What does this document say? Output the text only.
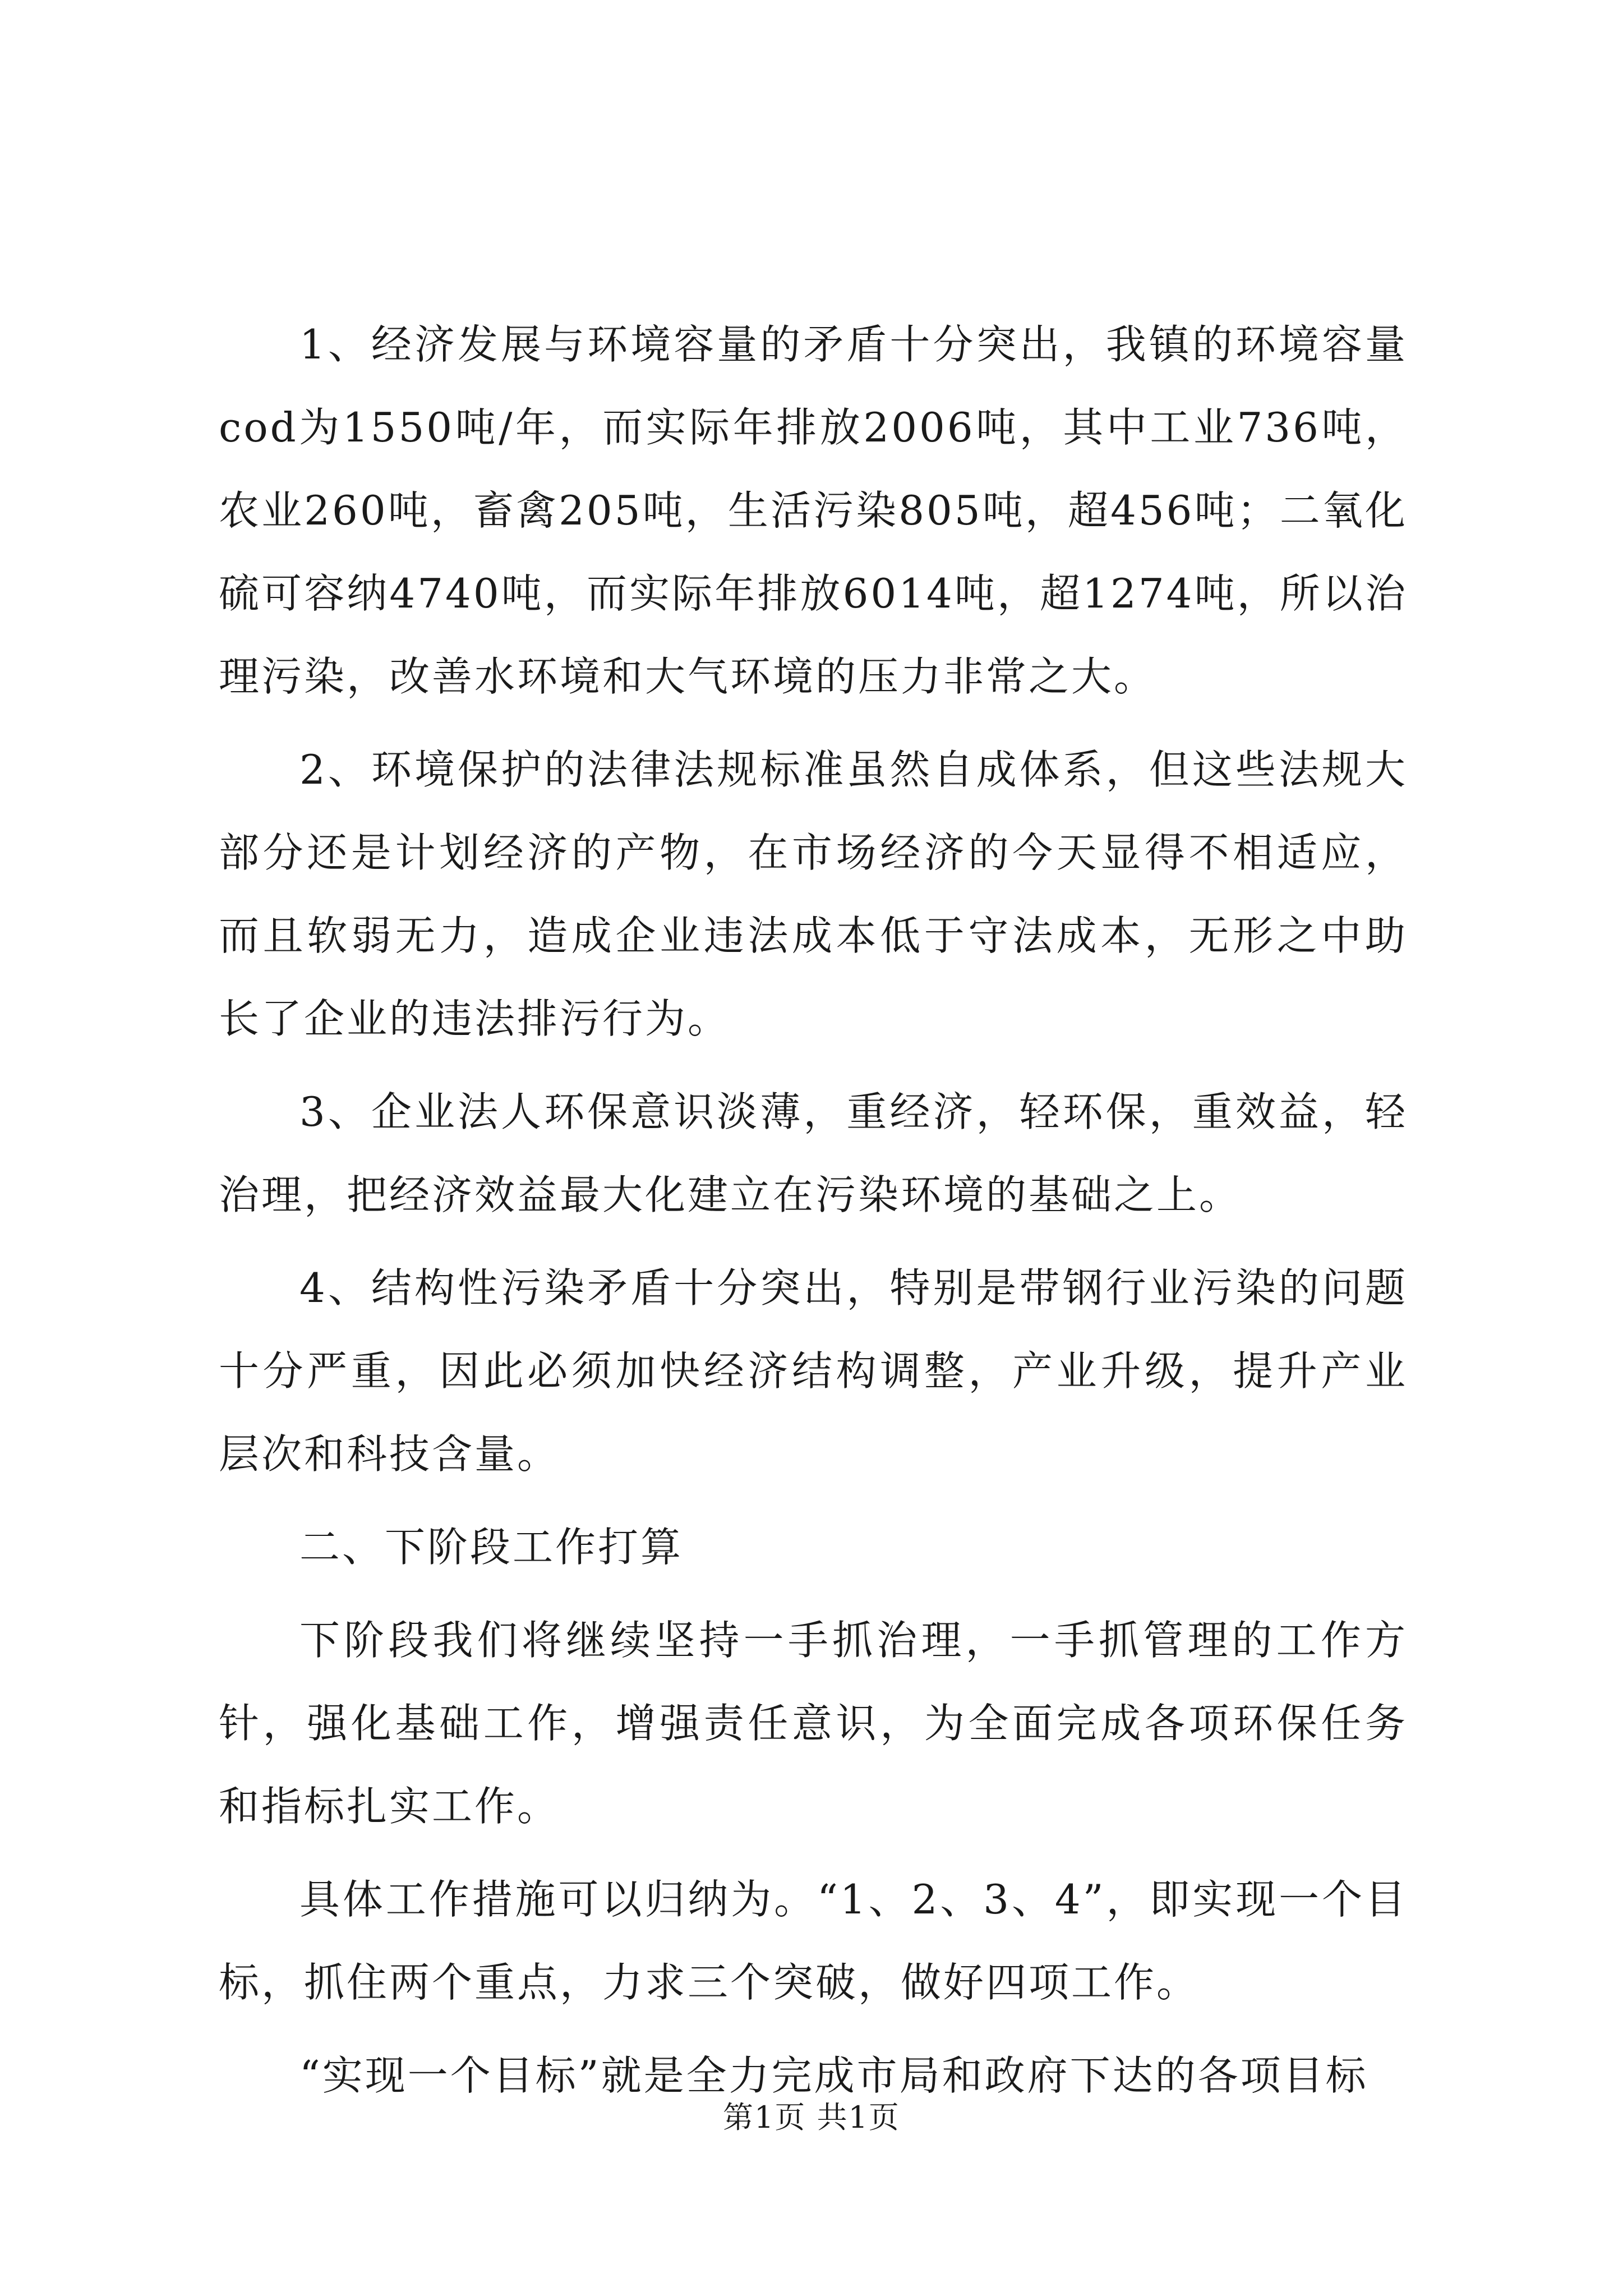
1、经济发展与环境容量的矛盾十分突出，我镇的环境容量cod为1550吨/年，而实际年排放2006吨，其中工业736吨，农业260吨，畜禽205吨，生活污染805吨，超456吨；二氧化硫可容纳4740吨，而实际年排放6014吨，超1274吨，所以治理污染，改善水环境和大气环境的压力非常之大。

2、环境保护的法律法规标准虽然自成体系，但这些法规大部分还是计划经济的产物，在市场经济的今天显得不相适应，而且软弱无力，造成企业违法成本低于守法成本，无形之中助长了企业的违法排污行为。

3、企业法人环保意识淡薄，重经济，轻环保，重效益，轻治理，把经济效益最大化建立在污染环境的基础之上。

4、结构性污染矛盾十分突出，特别是带钢行业污染的问题十分严重，因此必须加快经济结构调整，产业升级，提升产业层次和科技含量。

二、下阶段工作打算

下阶段我们将继续坚持一手抓治理，一手抓管理的工作方针，强化基础工作，增强责任意识，为全面完成各项环保任务和指标扎实工作。

具体工作措施可以归纳为。“1、2、3、4”，即实现一个目标，抓住两个重点，力求三个突破，做好四项工作。

“实现一个目标”就是全力完成市局和政府下达的各项目标

第1页 共1页
